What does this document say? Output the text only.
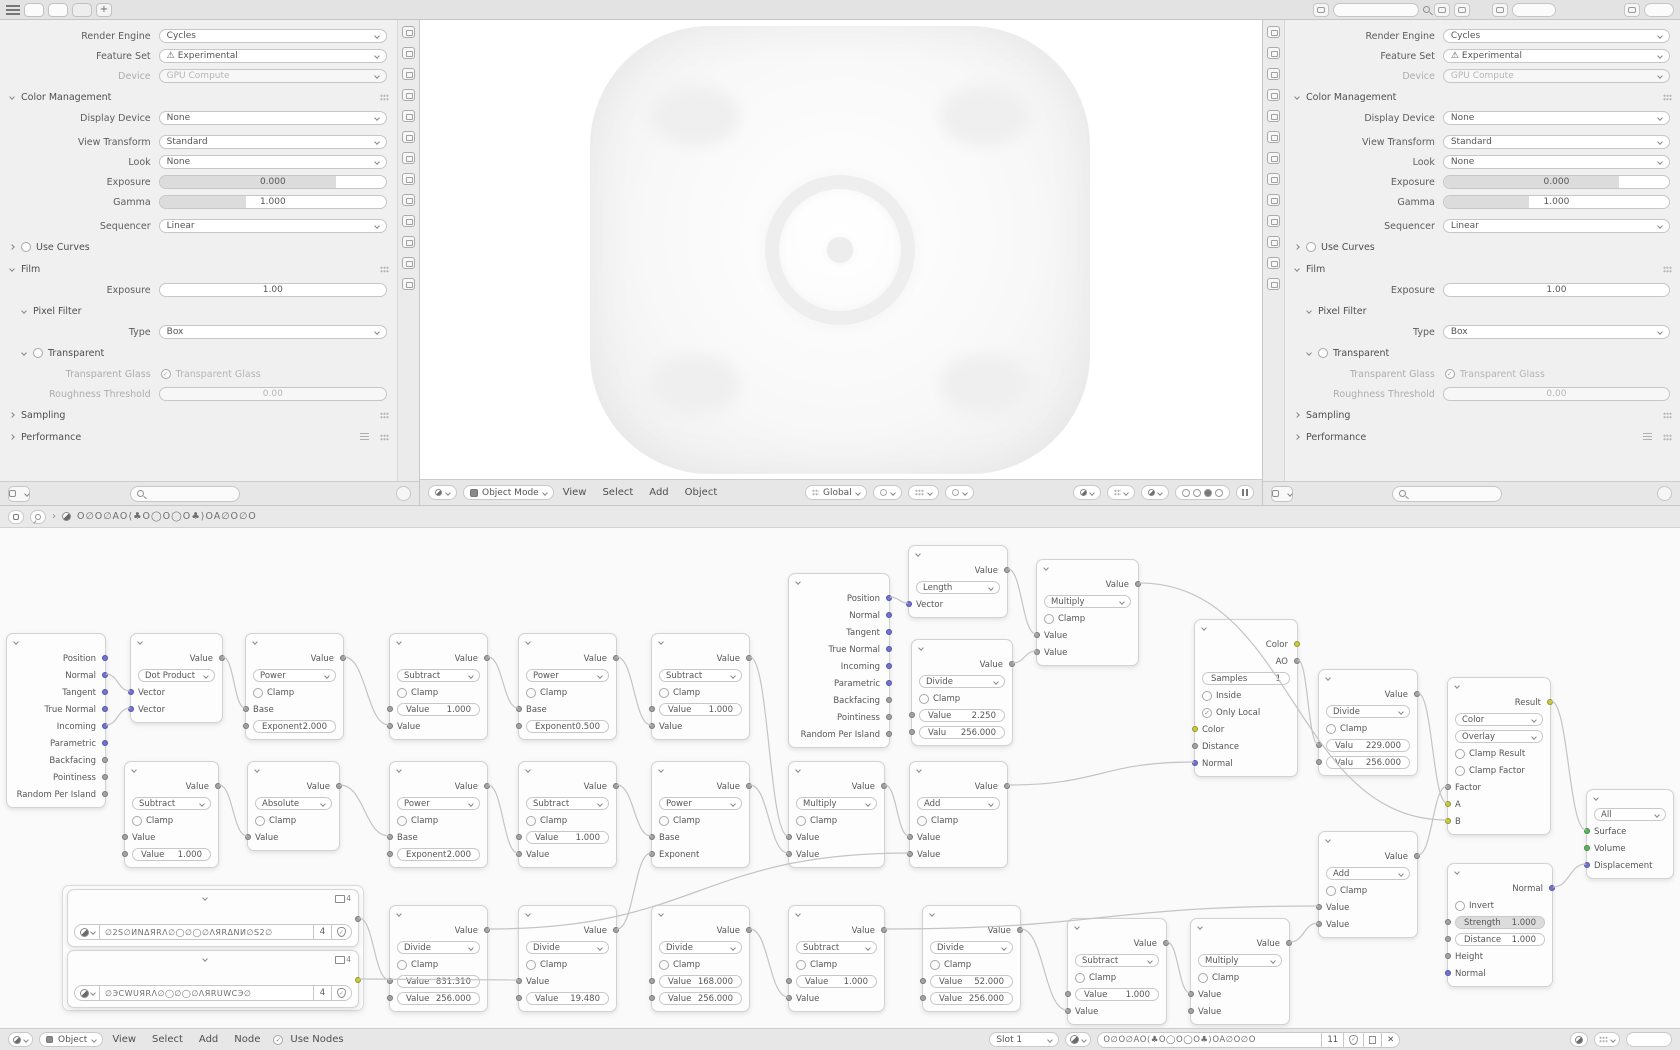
+
Render Engine	Cycles
Feature Set	⚠ Experimental
Device	GPU Compute
Color Management
Display Device	None
View Transform	Standard
Look	None
Exposure	0.000
Gamma	1.000
Sequencer	Linear
Use Curves
Film
Exposure	1.00
Pixel Filter
Type	Box
Transparent
Transparent Glass	✓ Transparent Glass
Roughness Threshold	0.00
Sampling
Performance
Object Mode	View	Select	Add	Object	Global
Render Engine	Cycles
Feature Set	⚠ Experimental
Device	GPU Compute
Color Management
Display Device	None
View Transform	Standard
Look	None
Exposure	0.000
Gamma	1.000
Sequencer	Linear
Use Curves
Film
Exposure	1.00
Pixel Filter
Type	Box
Transparent
Transparent Glass	✓ Transparent Glass
Roughness Threshold	0.00
Sampling
Performance
› O∅O∅AO⟨♣O◯O◯O♣⟩OA∅O∅O
4
∅2S∅ИNΔЯRΛ∅◯∅◯∅ΛЯRΔNИ∅S2∅	4	✓
4
∅ЭCWUЯRΛ∅◯∅◯∅ΛЯRUWCЭ∅	4	✓
Position
Normal
Tangent
True Normal
Incoming
Parametric
Backfacing
Pointiness
Random Per Island
Value
Dot Product
Vector
Vector
Value
Power
Clamp
Base
Exponent 2.000
Value
Subtract
Clamp
Value 1.000
Value
Value
Power
Clamp
Base
Exponent 0.500
Value
Subtract
Clamp
Value 1.000
Value
Value
Subtract
Clamp
Value
Value 1.000
Value
Absolute
Clamp
Value
Value
Power
Clamp
Base
Exponent 2.000
Value
Subtract
Clamp
Value 1.000
Value
Value
Power
Clamp
Base
Exponent
Value
Multiply
Clamp
Value
Value
Value
Add
Clamp
Value
Value
Position
Normal
Tangent
True Normal
Incoming
Parametric
Backfacing
Pointiness
Random Per Island
Value
Length
Vector
Value
Multiply
Clamp
Value
Value
Value
Divide
Clamp
Value 2.250
Valu 256.000
Color
AO
Samples	1
Inside
✓ Only Local
Color
Distance
Normal
Value
Divide
Clamp
Valu 229.000
Valu 256.000
Result
Color
Overlay
Clamp Result
Clamp Factor
Factor
A
B
All
Surface
Volume
Displacement
Normal
Invert
Strength 1.000
Distance 1.000
Height
Normal
Value
Divide
Clamp
Value 831.310
Value 256.000
Value
Divide
Clamp
Value
Value 19.480
Value
Divide
Clamp
Value 168.000
Value 256.000
Value
Subtract
Clamp
Value 1.000
Value
Value
Divide
Clamp
Value 52.000
Value 256.000
Value
Subtract
Clamp
Value 1.000
Value
Value
Multiply
Clamp
Value
Value
Value
Add
Clamp
Value
Value
Object	View	Select	Add	Node	✓ Use Nodes	Slot 1	O∅O∅AO⟨♣O◯O◯O♣⟩OA∅O∅O	11	✓	✕
